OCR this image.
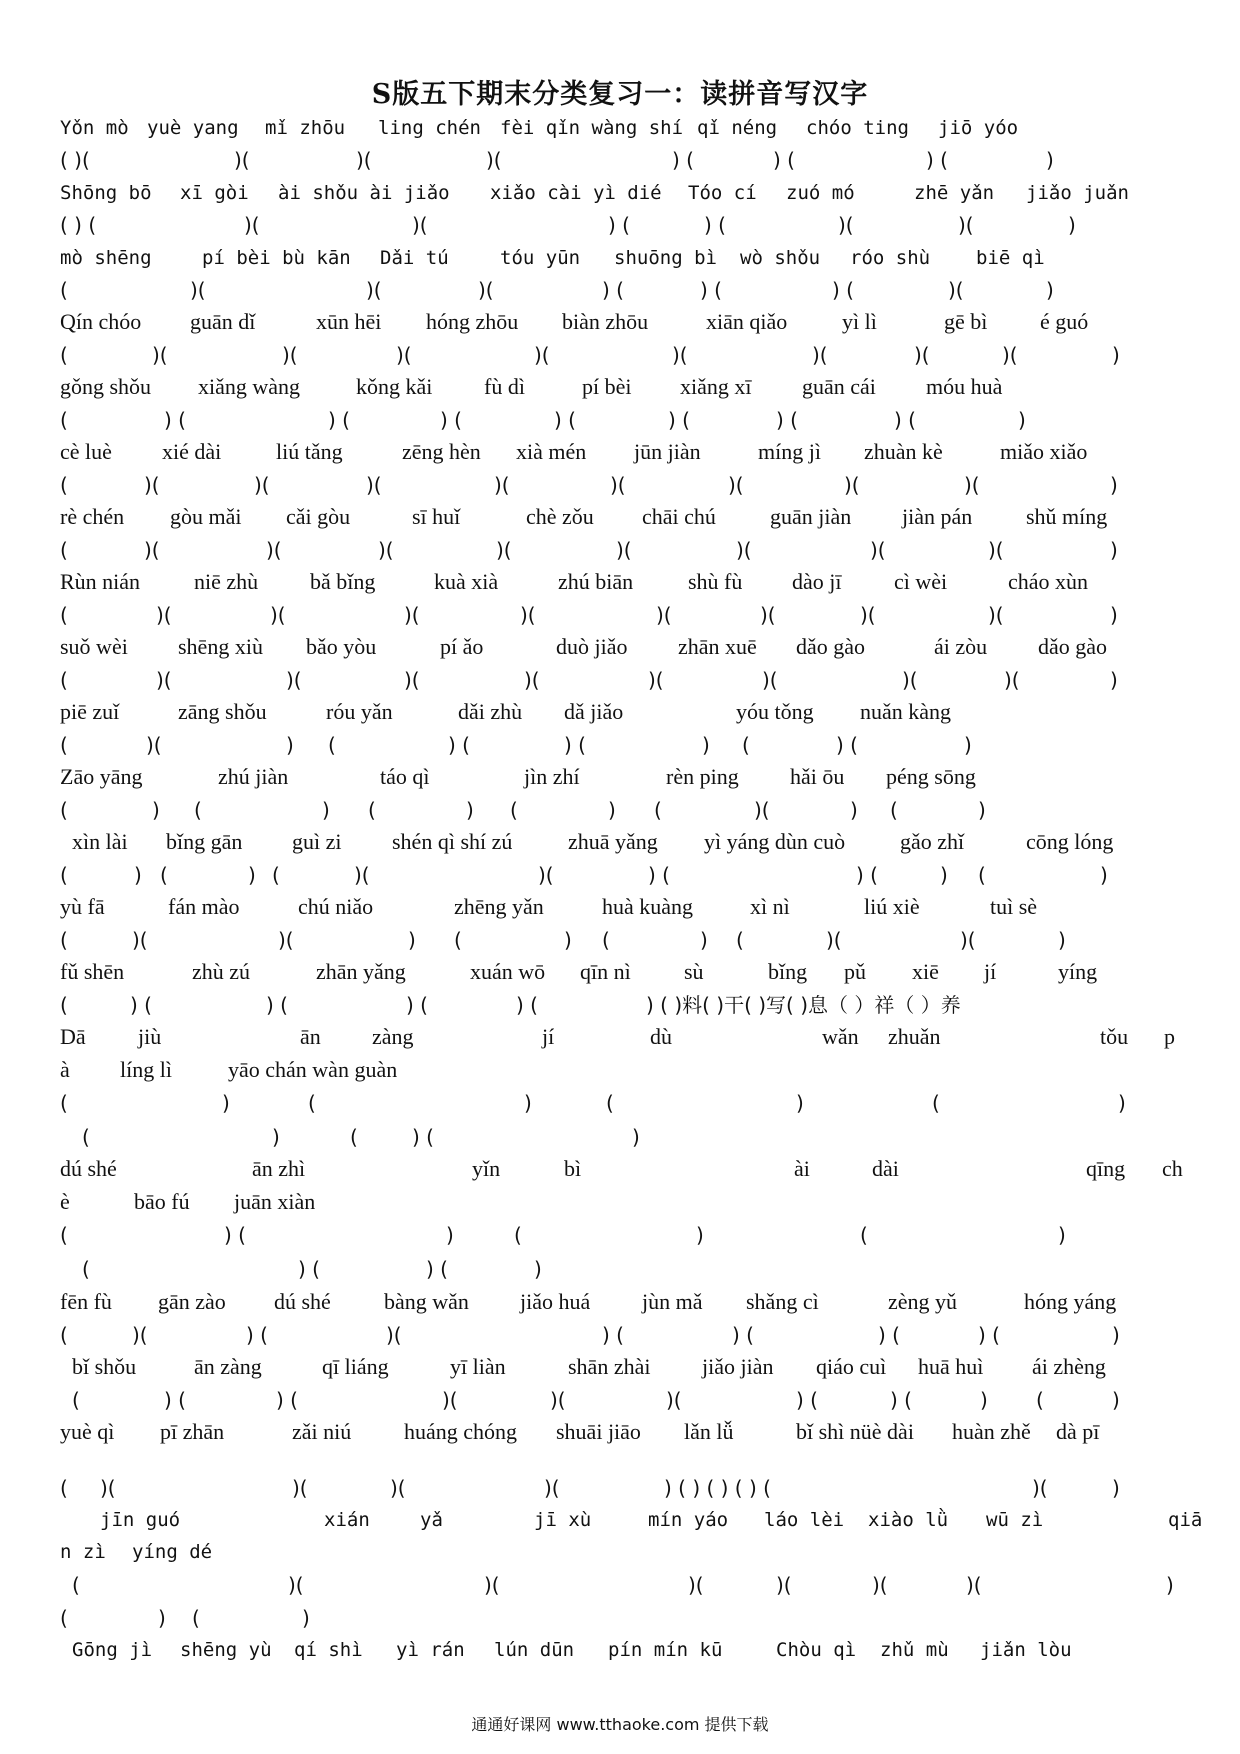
S版五下期末分类复习一：读拼音写汉字
Yǒn mò yuè yang mǐ zhōu ling chén fèi qǐn wàng shí qǐ néng chóo ting jiō yóo
( )(	)(	)(	)(	) (	) (	) (	)
Shōng bō xī gòi ài shǒu ài jiǎo xiǎo cài yì dié Tóo cí zuó mó	zhē yǎn jiǎo juǎn
( ) (	)(	)(	) (	) (	)(	)(	)
mò shēng	pí bèi bù kān Dǎi tú	tóu yūn shuōng bì wò shǒu róo shù biē qì
(	)(	)(	)(	) (	) (	) (	)(	)
Qín chóo guān dǐ	xūn hēi hóng zhōu biàn zhōu	xiān qiǎo yì lì	gē bì é guó
(	)(	)(	)(	)(	)(	)(	)(	)(	)
gǒng shǒu xiǎng wàng	kǒng kǎi fù dì	pí bèi xiǎng xī guān cái móu huà
(	) (	) (	) (	) (	) (	) (	) (	)
cè luè xié dài liú tǎng	zēng hèn xià mén jūn jiàn	míng jì zhuàn kè	miǎo xiǎo
(	)(	)(	)(	)(	)(	)(	)(	)(	)
rè chén gòu mǎi cǎi gòu	sī huǐ	chè zǒu chāi chú guān jiàn jiàn pán shǔ míng
(	)(	)(	)(	)(	)(	)(	)(	)(	)
Rùn nián niē zhù bǎ bǐng	kuà xià	zhú biān shù fù dào jī cì wèi	cháo xùn
(	)(	)(	)(	)(	)(	)(	)(	)(	)
suǒ wèi shēng xiù bǎo yòu	pí ǎo	duò jiǎo zhān xuē dǎo gào	ái zòu dǎo gào
(	)(	)(	)(	)(	)(	)(	)(	)(	)
piē zuǐ	zāng shǒu	róu yǎn	dǎi zhù dǎ jiǎo	yóu tǒng nuǎn kàng
(	)(	) (	) (	) (	) (	) (	)
Zāo yāng	zhú jiàn	táo qì	jìn zhí	rèn ping hǎi ōu péng sōng
(	) (	) (	) (	) (	)(	) (	)
xìn lài bǐng gān guì zi shén qì shí zú	zhuā yǎng yì yáng dùn cuò gǎo zhǐ	cōng lóng
(	) (	) (	)(	)(	) (	) (	) (	)
yù fā	fán mào	chú niǎo	zhēng yǎn	huà kuàng	xì nì	liú xiè	tuì sè
(	)(	)(	) (	) (	) (	)(	)(	)
fǔ shēn	zhù zú	zhān yǎng	xuán wō qīn nì sù	bǐng pǔ xiē jí	yíng
(	) (	) (	) (	) (	) ( )料( )干( )写( )息（ ）祥（ ）养
Dā jiù	ān zàng	jí	dù	wǎn zhuǎn	tǒu p
à líng lì	yāo chán wàn guàn
(	)	(	)	(	)	(	)
(	)	(	) (	)
dú shé	ān zhì	yǐn	bì	ài	dài	qīng ch
è	bāo fú juān xiàn
(	) (	)	(	)	(	)
(	) (	) (	)
fēn fù gān zào dú shé bàng wǎn jiǎo huá jùn mǎ shǎng cì	zèng yǔ	hóng yáng
(	)(	) (	)(	) (	) (	) (	) (	)
bǐ shǒu	ān zàng	qī liáng	yī liàn	shān zhài jiǎo jiàn qiáo cuì huā huì ái zhèng
(	) (	) (	)(	)(	)(	) (	) (	) (	)
yuè qì pī zhān	zǎi niú huáng chóng shuāi jiāo lǎn lǚ	bǐ shì nüè dài huàn zhě dà pī
( )(	)(	)(	)(	) ( ) ( ) ( ) (	)(	)
jīn guó	xián	yǎ	jī xù	mín yáo láo lèi xiào lǜ wū zì	qiā
n zì yíng dé
(	)(	)(	)(	)(	)(	)(	)
(	) (	)
Gōng jì shēng yù qí shì yì rán lún dūn pín mín kū	Chòu qì zhǔ mù jiǎn lòu
通通好课网 www.tthaoke.com 提供下载
